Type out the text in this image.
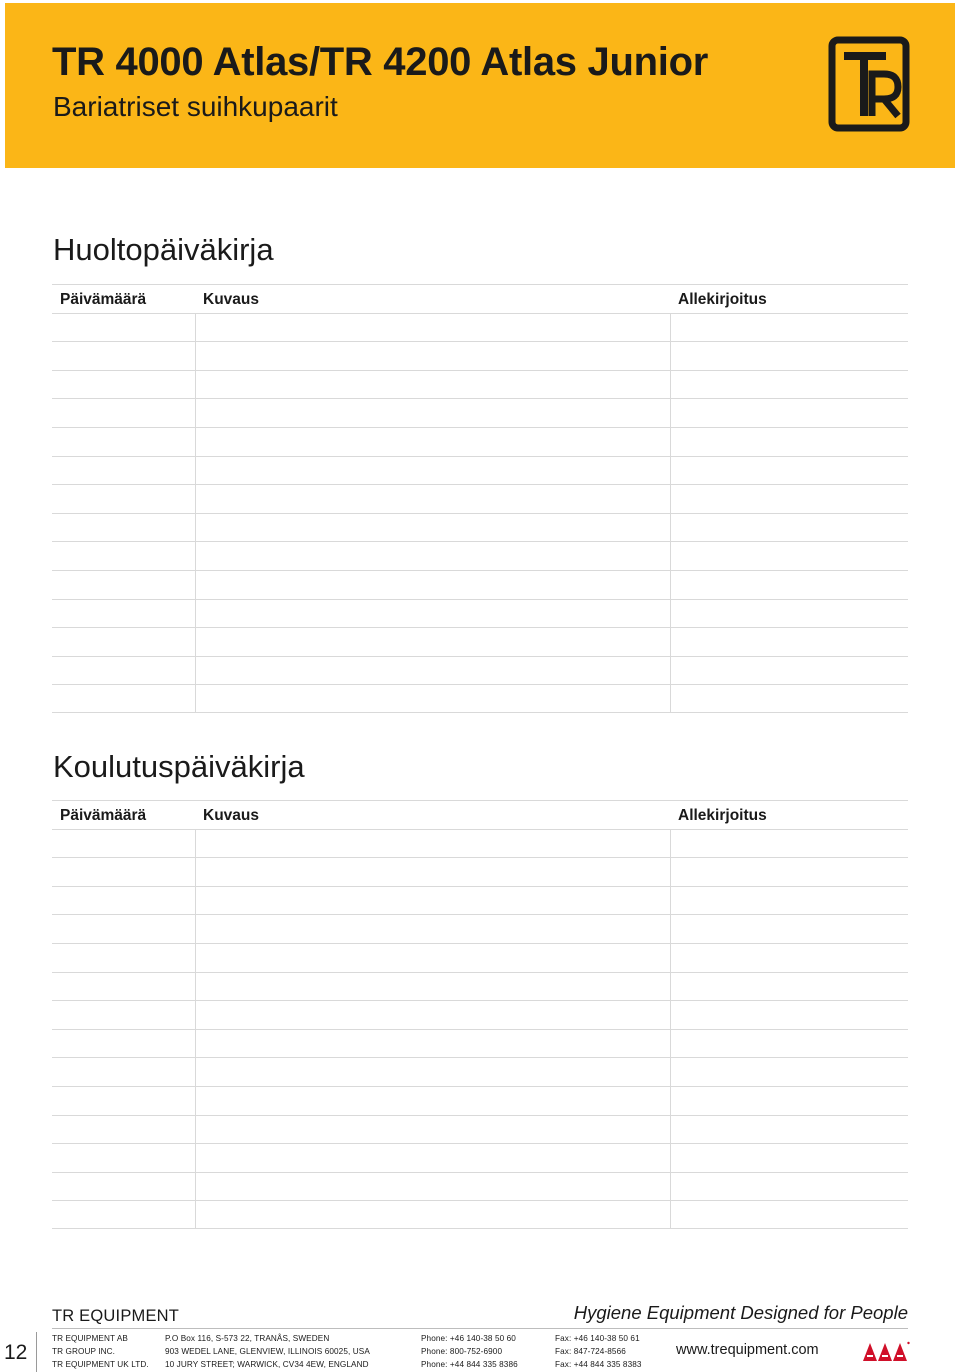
TR 4000 Atlas/TR 4200 Atlas Junior
Bariatriset suihkupaarit
Huoltopäiväkirja
Päivämäärä	Kuvaus	Allekirjoitus
Koulutuspäiväkirja
Päivämäärä	Kuvaus	Allekirjoitus
TR EQUIPMENT	Hygiene Equipment Designed for People
12
TR EQUIPMENT AB	P.O Box 116, S-573 22, TRANÅS, SWEDEN	Phone: +46 140-38 50 60	Fax: +46 140-38 50 61
TR GROUP INC.	903 WEDEL LANE, GLENVIEW, ILLINOIS 60025, USA	Phone: 800-752-6900	Fax: 847-724-8566
TR EQUIPMENT UK LTD. 10 JURY STREET; WARWICK, CV34 4EW, ENGLAND	Phone: +44 844 335 8386	Fax: +44 844 335 8383
www.trequipment.com
